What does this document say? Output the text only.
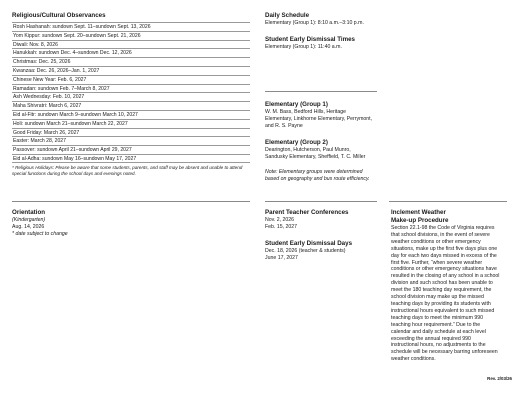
Religious/Cultural Observances
Rosh Hashanah: sundown Sept. 11–sundown Sept. 13, 2026
Yom Kippur: sundown Sept. 20–sundown Sept. 21, 2026
Diwali: Nov. 8, 2026
Hanukkah: sundown Dec. 4–sundown Dec. 12, 2026
Christmas: Dec. 25, 2026
Kwanzaa: Dec. 26, 2026–Jan. 1, 2027
Chinese New Year: Feb. 6, 2027
Ramadan: sundown Feb. 7–March 8, 2027
Ash Wednesday: Feb. 10, 2027
Maha Shivratri: March 6, 2027
Eid al-Fitr: sundown March 9–sundown March 10, 2027
Holi: sundown March 21–sundown March 22, 2027
Good Friday: March 26, 2027
Easter: March 28, 2027
Passover: sundown April 21–sundown April 29, 2027
Eid al-Adha: sundown May 16–sundown May 17, 2027
* Religious Holidays: Please be aware that some students, parents, and staff may be absent and unable to attend special functions during the school days and evenings noted.
Daily Schedule
Elementary (Group 1): 8:10 a.m.–3:10 p.m.
Student Early Dismissal Times
Elementary (Group 1): 11:40 a.m.
Elementary (Group 1)
W. M. Bass, Bedford Hills, Heritage
Elementary, Linkhorne Elementary, Perrymont,
and R. S. Payne
Elementary (Group 2)
Dearington, Hutcherson, Paul Munro,
Sandusky Elementary, Sheffield, T. C. Miller
Note: Elementary groups were determined
based on geography and bus route efficiency.
Orientation
(Kindergarten)
Aug. 14, 2026
* date subject to change
Parent Teacher Conferences
Nov. 2, 2026
Feb. 15, 2027
Student Early Dismissal Days
Dec. 18, 2026 (teacher & students)
June 17, 2027
Inclement Weather
Make-up Procedure
Section 22.1-98 the Code of Virginia requires
that school divisions, in the event of severe
weather conditions or other emergency
situations, make up the first five days plus one
day for each two days missed in excess of the
first five. Further, “when severe weather
conditions or other emergency situations have
resulted in the closing of any school in a school
division and such school has been unable to
meet the 180 teaching day requirement, the
school division may make up the missed
teaching days by providing its students with
instructional hours equivalent to such missed
teaching days to meet the minimum 990
teaching hour requirement.” Due to the
calendar and daily schedule at each level
exceeding the annual required 990
instructional hours, no adjustments to the
schedule will be necessary barring unforeseen
weather conditions.
Rev. 2/03/26
